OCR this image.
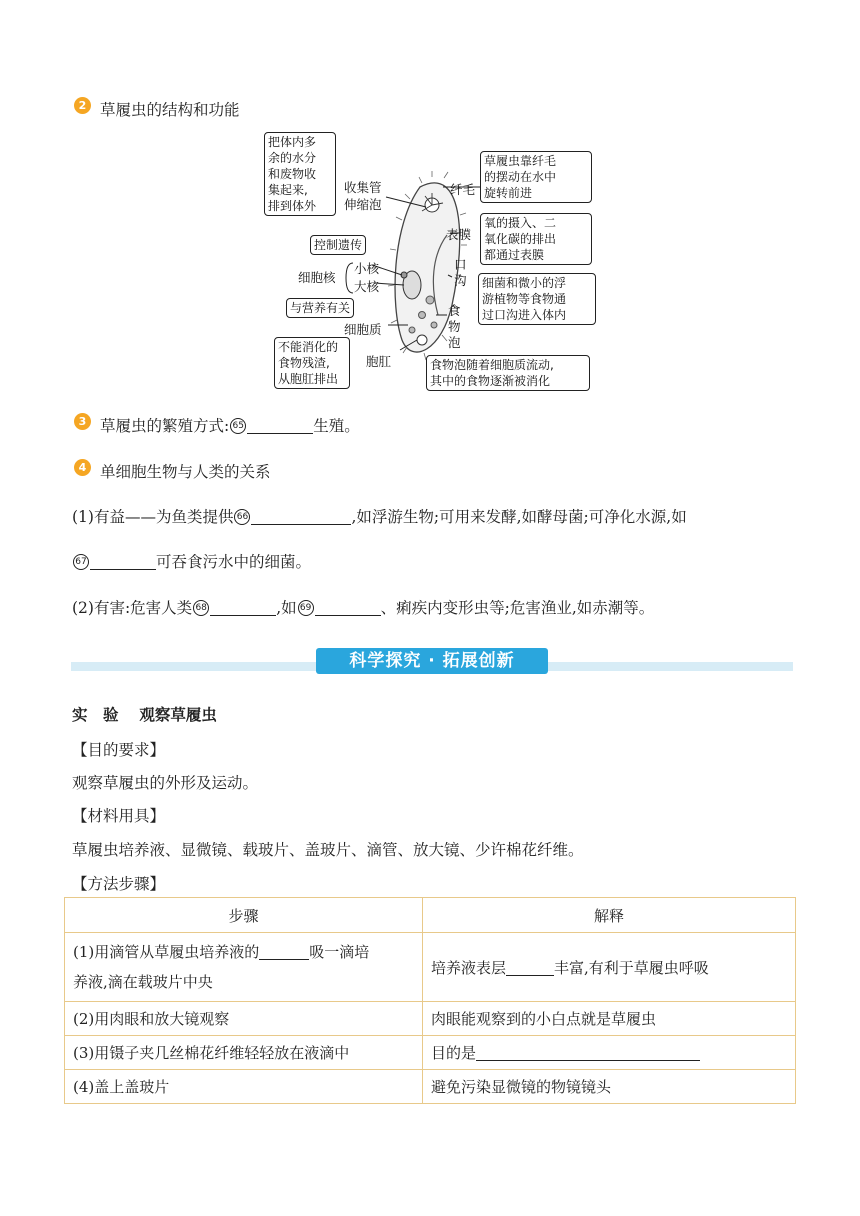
2 草履虫的结构和功能
把体内多
余的水分
和废物收
集起来,
排到体外
收集管
伸缩泡
纤毛
草履虫靠纤毛
的摆动在水中
旋转前进
表膜
氧的摄入、二
氧化碳的排出
都通过表膜
控制遗传
细胞核
小核
大核
口
沟 细菌和微小的浮
游植物等食物通
过口沟进入体内
与营养有关
细胞质
食
物
泡
不能消化的
食物残渣,
从胞肛排出
胞肛	食物泡随着细胞质流动,
其中的食物逐渐被消化
3 草履虫的繁殖方式: 65	生殖。
4 单细胞生物与人类的关系
(1)有益——为鱼类提供 66	,如浮游生物;可用来发酵,如酵母菌;可净化水源,如
67	可吞食污水中的细菌。
(2)有害:危害人类 68	,如 69	、痢疾内变形虫等;危害渔业,如赤潮等。
科学探究 · 拓展创新
实　验　 观察草履虫
【目的要求】
观察草履虫的外形及运动。
【材料用具】
草履虫培养液、显微镜、载玻片、盖玻片、滴管、放大镜、少许棉花纤维。
【方法步骤】
步骤	解释
(1)用滴管从草履虫培养液的 吸一滴培
养液,滴在载玻片中央	培养液表层 丰富,有利于草履虫呼吸
(2)用肉眼和放大镜观察	肉眼能观察到的小白点就是草履虫
(3)用镊子夹几丝棉花纤维轻轻放在液滴中	目的是
(4)盖上盖玻片	避免污染显微镜的物镜镜头
